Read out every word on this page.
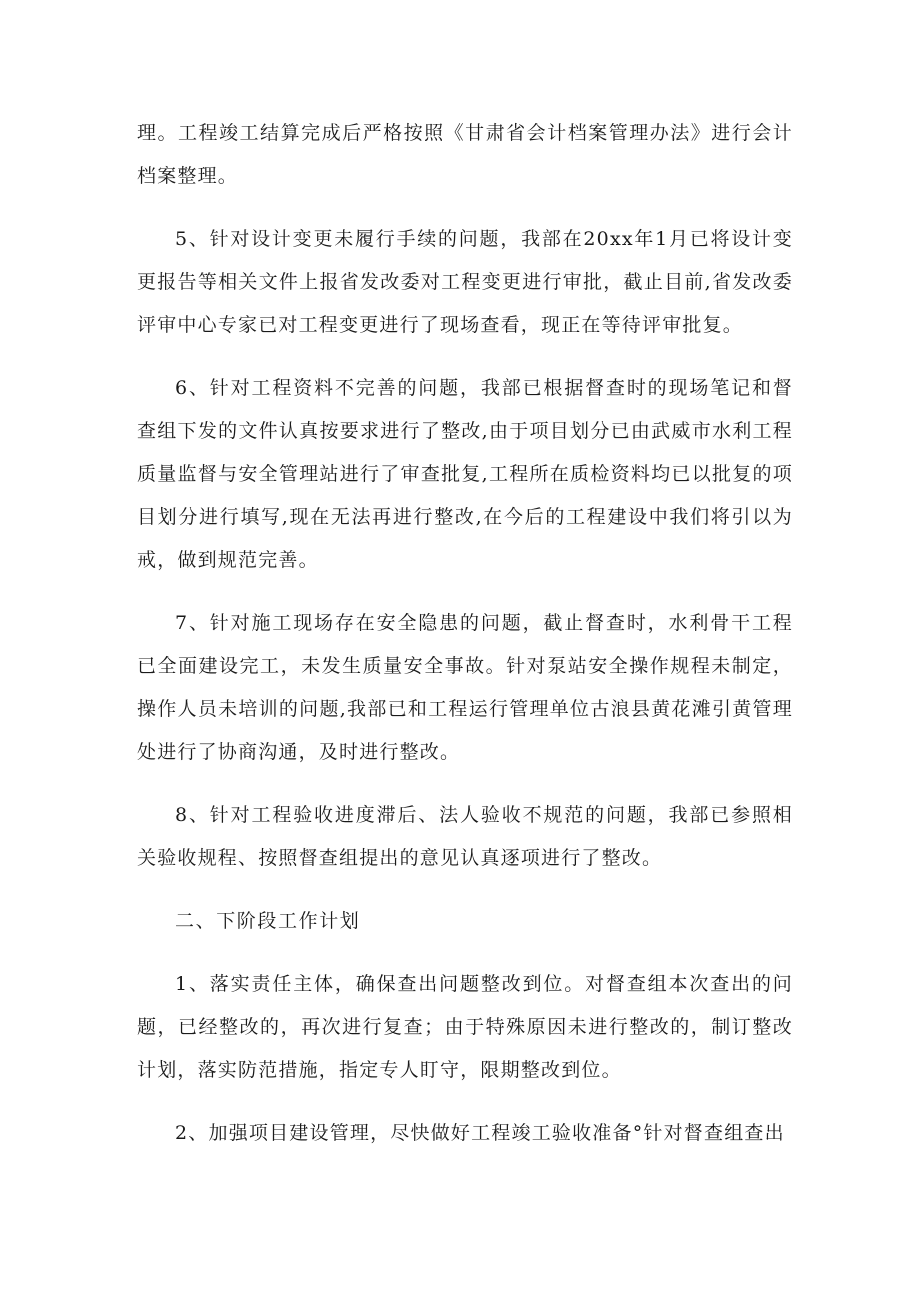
理。工程竣工结算完成后严格按照《甘肃省会计档案管理办法》进行会计档案整理。

5、针对设计变更未履行手续的问题，我部在20xx年1月已将设计变更报告等相关文件上报省发改委对工程变更进行审批，截止目前,省发改委评审中心专家已对工程变更进行了现场查看，现正在等待评审批复。

6、针对工程资料不完善的问题，我部已根据督查时的现场笔记和督查组下发的文件认真按要求进行了整改,由于项目划分已由武威市水利工程质量监督与安全管理站进行了审查批复,工程所在质检资料均已以批复的项目划分进行填写,现在无法再进行整改,在今后的工程建设中我们将引以为戒，做到规范完善。

7、针对施工现场存在安全隐患的问题，截止督查时，水利骨干工程已全面建设完工，未发生质量安全事故。针对泵站安全操作规程未制定，操作人员未培训的问题,我部已和工程运行管理单位古浪县黄花滩引黄管理处进行了协商沟通，及时进行整改。

8、针对工程验收进度滞后、法人验收不规范的问题，我部已参照相关验收规程、按照督查组提出的意见认真逐项进行了整改。

二、下阶段工作计划

1、落实责任主体，确保查出问题整改到位。对督查组本次查出的问题，已经整改的，再次进行复查；由于特殊原因未进行整改的，制订整改计划，落实防范措施，指定专人盯守，限期整改到位。

2、加强项目建设管理，尽快做好工程竣工验收准备°针对督查组查出
